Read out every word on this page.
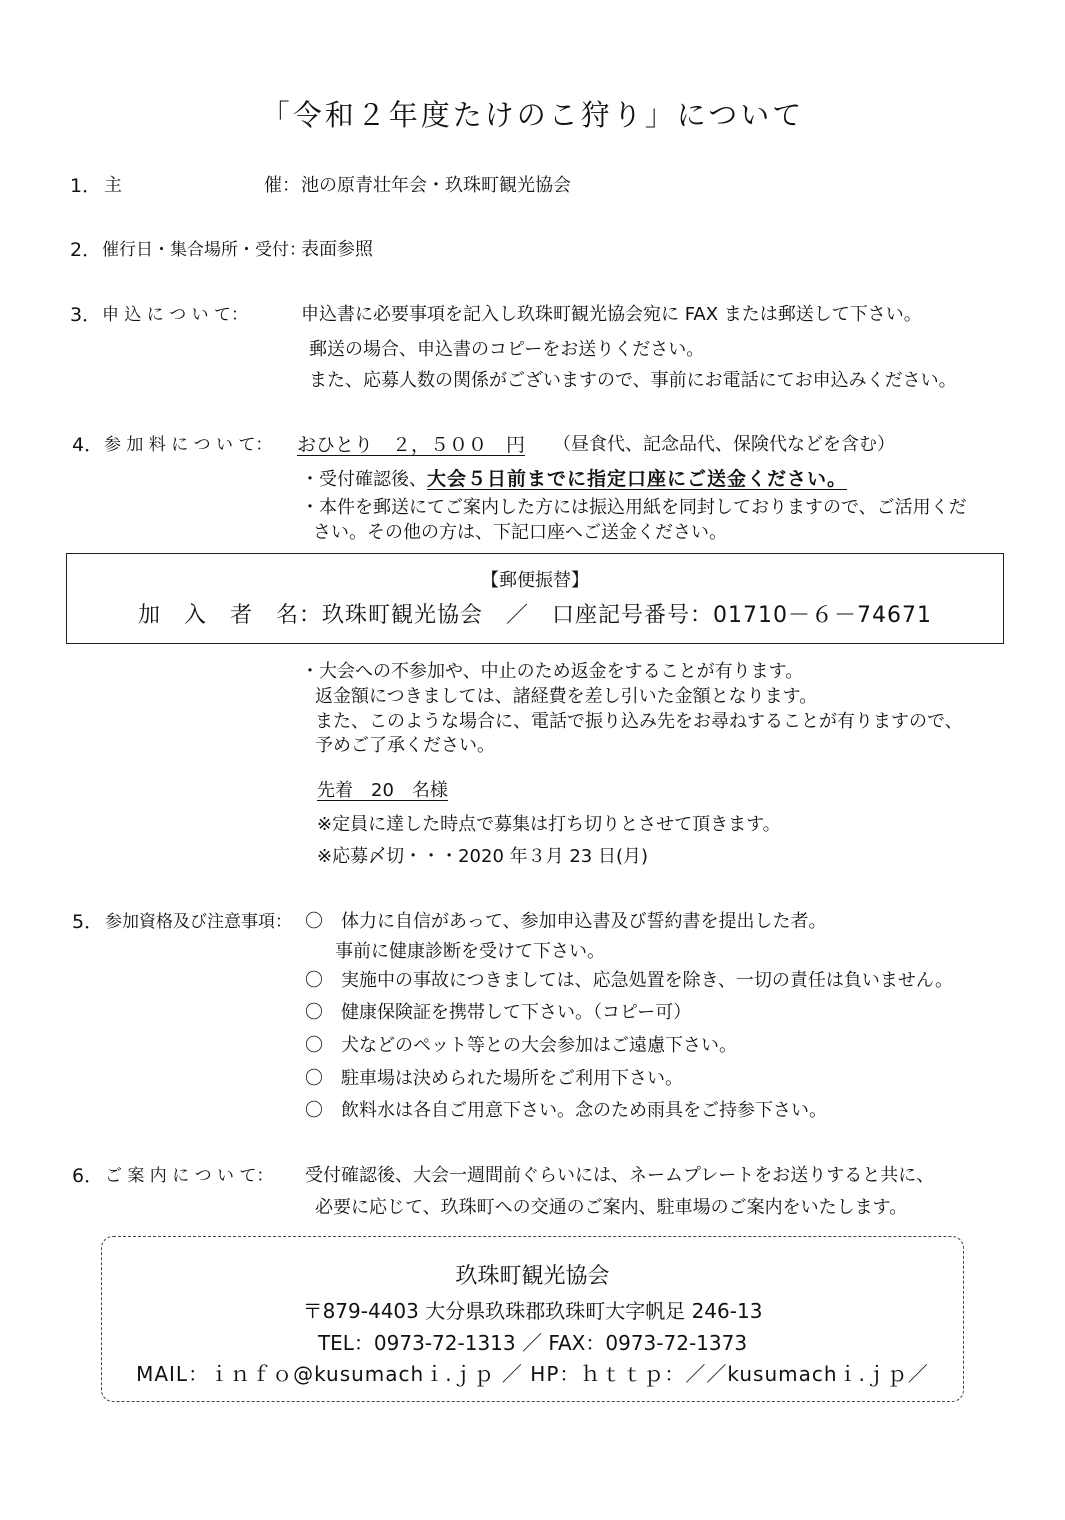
「令和２年度たけのこ狩り」について
1． 主	催： 池の原青壮年会・玖珠町観光協会
2． 催行日・集合場所・受付：
表面参照
3． 申 込 に つ い て：	申込書に必要事項を記入し玖珠町観光協会宛に FAX または郵送して下さい。
郵送の場合、申込書のコピーをお送りください。
また、応募人数の関係がございますので、事前にお電話にてお申込みください。
4． 参 加 料 に つ い て： おひとり　２，５００　円 （昼食代、記念品代、保険代などを含む）
・受付確認後、大会５日前までに指定口座にご送金ください。
・本件を郵送にてご案内した方には振込用紙を同封しておりますので、ご活用くだ
さい。その他の方は、下記口座へご送金ください。
【郵便振替】
加　入　者　名：玖珠町観光協会　／　口座記号番号：01710－６－74671
・大会への不参加や、中止のため返金をすることが有ります。
返金額につきましては、諸経費を差し引いた金額となります。
また、このような場合に、電話で振り込み先をお尋ねすることが有りますので、
予めご了承ください。
先着　20　名様
※定員に達した時点で募集は打ち切りとさせて頂きます。
※応募〆切・・・2020 年３月 23 日(月)
5． 参加資格及び注意事項： 〇　体力に自信があって、参加申込書及び誓約書を提出した者。
事前に健康診断を受けて下さい。
〇　実施中の事故につきましては、応急処置を除き、一切の責任は負いません。
〇　健康保険証を携帯して下さい。（コピー可）
〇　犬などのペット等との大会参加はご遠慮下さい。
〇　駐車場は決められた場所をご利用下さい。
〇　飲料水は各自ご用意下さい。念のため雨具をご持参下さい。
6． ご 案 内 に つ い て： 受付確認後、大会一週間前ぐらいには、ネームプレートをお送りすると共に、
必要に応じて、玖珠町への交通のご案内、駐車場のご案内をいたします。
玖珠町観光協会
〒879-4403 大分県玖珠郡玖珠町大字帆足 246-13
TEL：0973-72-1313 ／ FAX：0973-72-1373
MAIL：ｉｎｆｏ@kusumachｉ.ｊｐ ／ HP：ｈｔｔｐ：／／kusumachｉ.ｊｐ／
